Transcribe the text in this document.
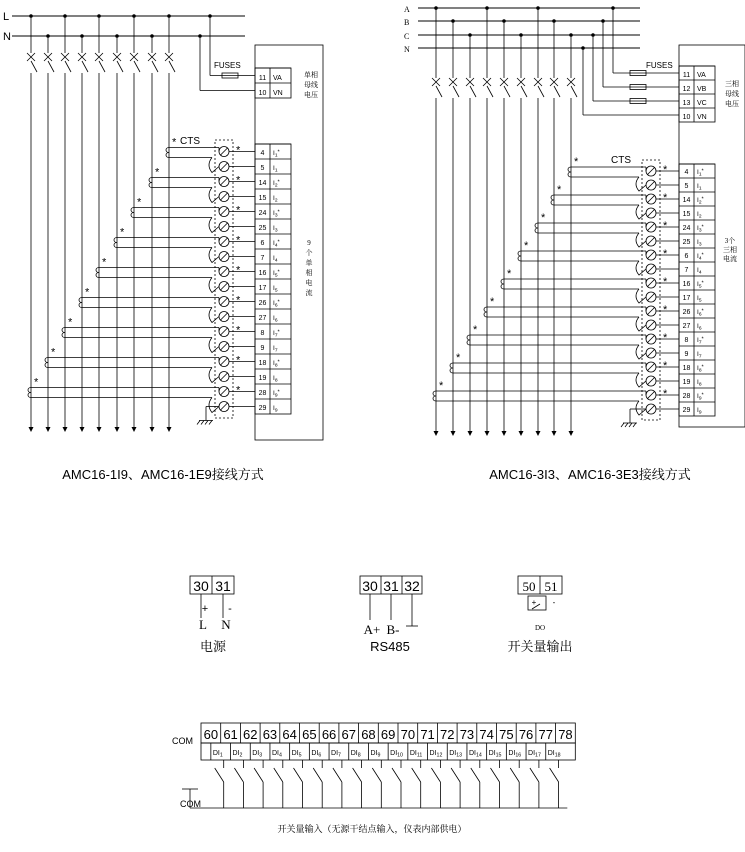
L
N
11 VA
10 VN
FUSES
单相
母线
电压
4 $I_1*$
*
5 $I_1$
14 $I_2*$
*
15 $I_2$
24 $I_3*$
*
25 $I_3$
6 $I_4*$
*
7 $I_4$
16 $I_5*$
*
17 $I_5$
26 $I_6*$
*
27 $I_6$
8 $I_7*$
*
9 $I_7$
18 $I_8*$
*
19 $I_8$
28 $I_9*$
*
29 $I_9$
CTS
*
*
*
*
*
*
*
*
*
9
个
单
相
电
流
AMC16-1I9、AMC16-1E9接线方式
A
B
C
N
11 VA
12 VB
13 VC
10 VN
FUSES
三相
母线
电压
4 $I_1*$
*
5 $I_1$
14 $I_2*$
*
15 $I_2$
24 $I_3*$
*
25 $I_3$
6 $I_4*$
*
7 $I_4$
16 $I_5*$
*
17 $I_5$
26 $I_6*$
*
27 $I_6$
8 $I_7*$
*
9 $I_7$
18 $I_8*$
*
19 $I_8$
28 $I_9*$
*
29 $I_9$
CTS
*
*
*
*
*
*
*
*
*
3个
三相
电流
AMC16-3I3、AMC16-3E3接线方式
30 31
+ -
L N
电源
30 31 32
A+ B-
RS485
50 51
+ -
DO
开关量输出
60 61 62 63 64 65 66 67 68 69 70 71 72 73 74 75 76 77 78
$DI_1$ $DI_2$ $DI_3$ $DI_4$ $DI_5$ $DI_6$ $DI_7$ $DI_8$ $DI_9$ $DI_{10}$ $DI_{11}$ $DI_{12}$ $DI_{13}$ $DI_{14}$ $DI_{15}$ $DI_{16}$ $DI_{17}$ $DI_{18}$
COM
COM
开关量输入（无源干结点输入，仪表内部供电）
